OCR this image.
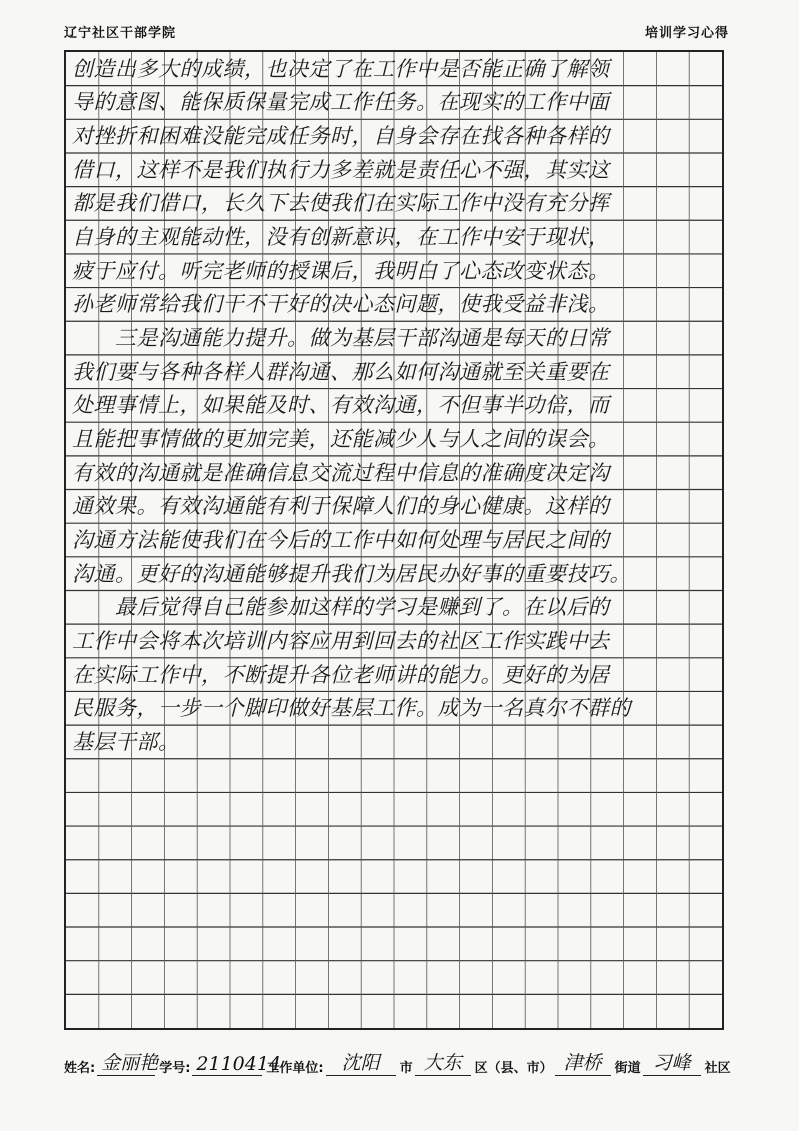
辽宁社区干部学院	培训学习心得
创造出多大的成绩，也决定了在工作中是否能正确了解领
导的意图、能保质保量完成工作任务。在现实的工作中面
对挫折和困难没能完成任务时，自身会存在找各种各样的
借口，这样不是我们执行力多差就是责任心不强，其实这
都是我们借口，长久下去使我们在实际工作中没有充分挥
自身的主观能动性，没有创新意识，在工作中安于现状，
疲于应付。听完老师的授课后，我明白了心态改变状态。
孙老师常给我们干不干好的决心态问题，使我受益非浅。
　　三是沟通能力提升。做为基层干部沟通是每天的日常
我们要与各种各样人群沟通、那么如何沟通就至关重要在
处理事情上，如果能及时、有效沟通，不但事半功倍，而
且能把事情做的更加完美，还能减少人与人之间的误会。
有效的沟通就是准确信息交流过程中信息的准确度决定沟
通效果。有效沟通能有利于保障人们的身心健康。这样的
沟通方法能使我们在今后的工作中如何处理与居民之间的
沟通。更好的沟通能够提升我们为居民办好事的重要技巧。
　　最后觉得自己能参加这样的学习是赚到了。在以后的
工作中会将本次培训内容应用到回去的社区工作实践中去
在实际工作中，不断提升各位老师讲的能力。更好的为居
民服务，一步一个脚印做好基层工作。成为一名真尔不群的
基层干部。
姓名: 金丽艳 学号: 2110414
工作单位: 沈阳	市 大东	区（县、市） 津桥	街道 习峰	社区
